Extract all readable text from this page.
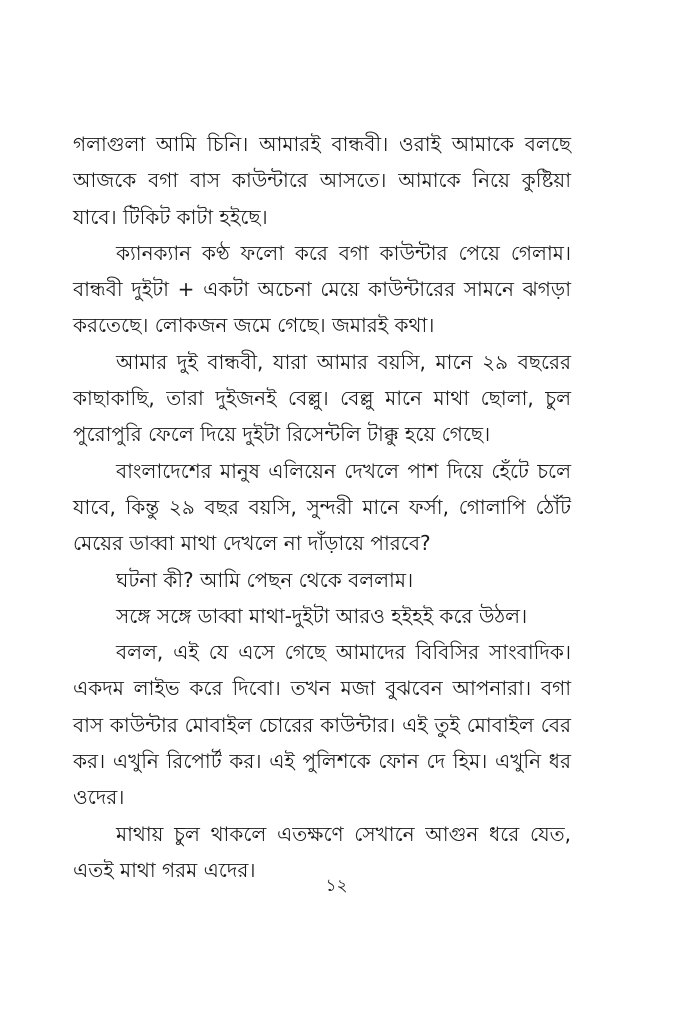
গলাগুলা আমি চিনি। আমারই বান্ধবী। ওরাই আমাকে বলছে আজকে বগা বাস কাউন্টারে আসতে। আমাকে নিয়ে কুষ্টিয়া যাবে। টিকিট কাটা হইছে।

ক্যানক্যান কণ্ঠ ফলো করে বগা কাউন্টার পেয়ে গেলাম। বান্ধবী দুইটা + একটা অচেনা মেয়ে কাউন্টারের সামনে ঝগড়া করতেছে। লোকজন জমে গেছে। জমারই কথা।

আমার দুই বান্ধবী, যারা আমার বয়সি, মানে ২৯ বছরের কাছাকাছি, তারা দুইজনই বেল্লু। বেল্লু মানে মাথা ছোলা, চুল পুরোপুরি ফেলে দিয়ে দুইটা রিসেন্টলি টাক্কু হয়ে গেছে।

বাংলাদেশের মানুষ এলিয়েন দেখলে পাশ দিয়ে হেঁটে চলে যাবে, কিন্তু ২৯ বছর বয়সি, সুন্দরী মানে ফর্সা, গোলাপি ঠোঁট মেয়ের ডাব্বা মাথা দেখলে না দাঁড়ায়ে পারবে?

ঘটনা কী? আমি পেছন থেকে বললাম।

সঙ্গে সঙ্গে ডাব্বা মাথা-দুইটা আরও হইহই করে উঠল।

বলল, এই যে এসে গেছে আমাদের বিবিসির সাংবাদিক। একদম লাইভ করে দিবো। তখন মজা বুঝবেন আপনারা। বগা বাস কাউন্টার মোবাইল চোরের কাউন্টার। এই তুই মোবাইল বের কর। এখুনি রিপোর্ট কর। এই পুলিশকে ফোন দে হিম। এখুনি ধর ওদের।

মাথায় চুল থাকলে এতক্ষণে সেখানে আগুন ধরে যেত, এতই মাথা গরম এদের।

১২
